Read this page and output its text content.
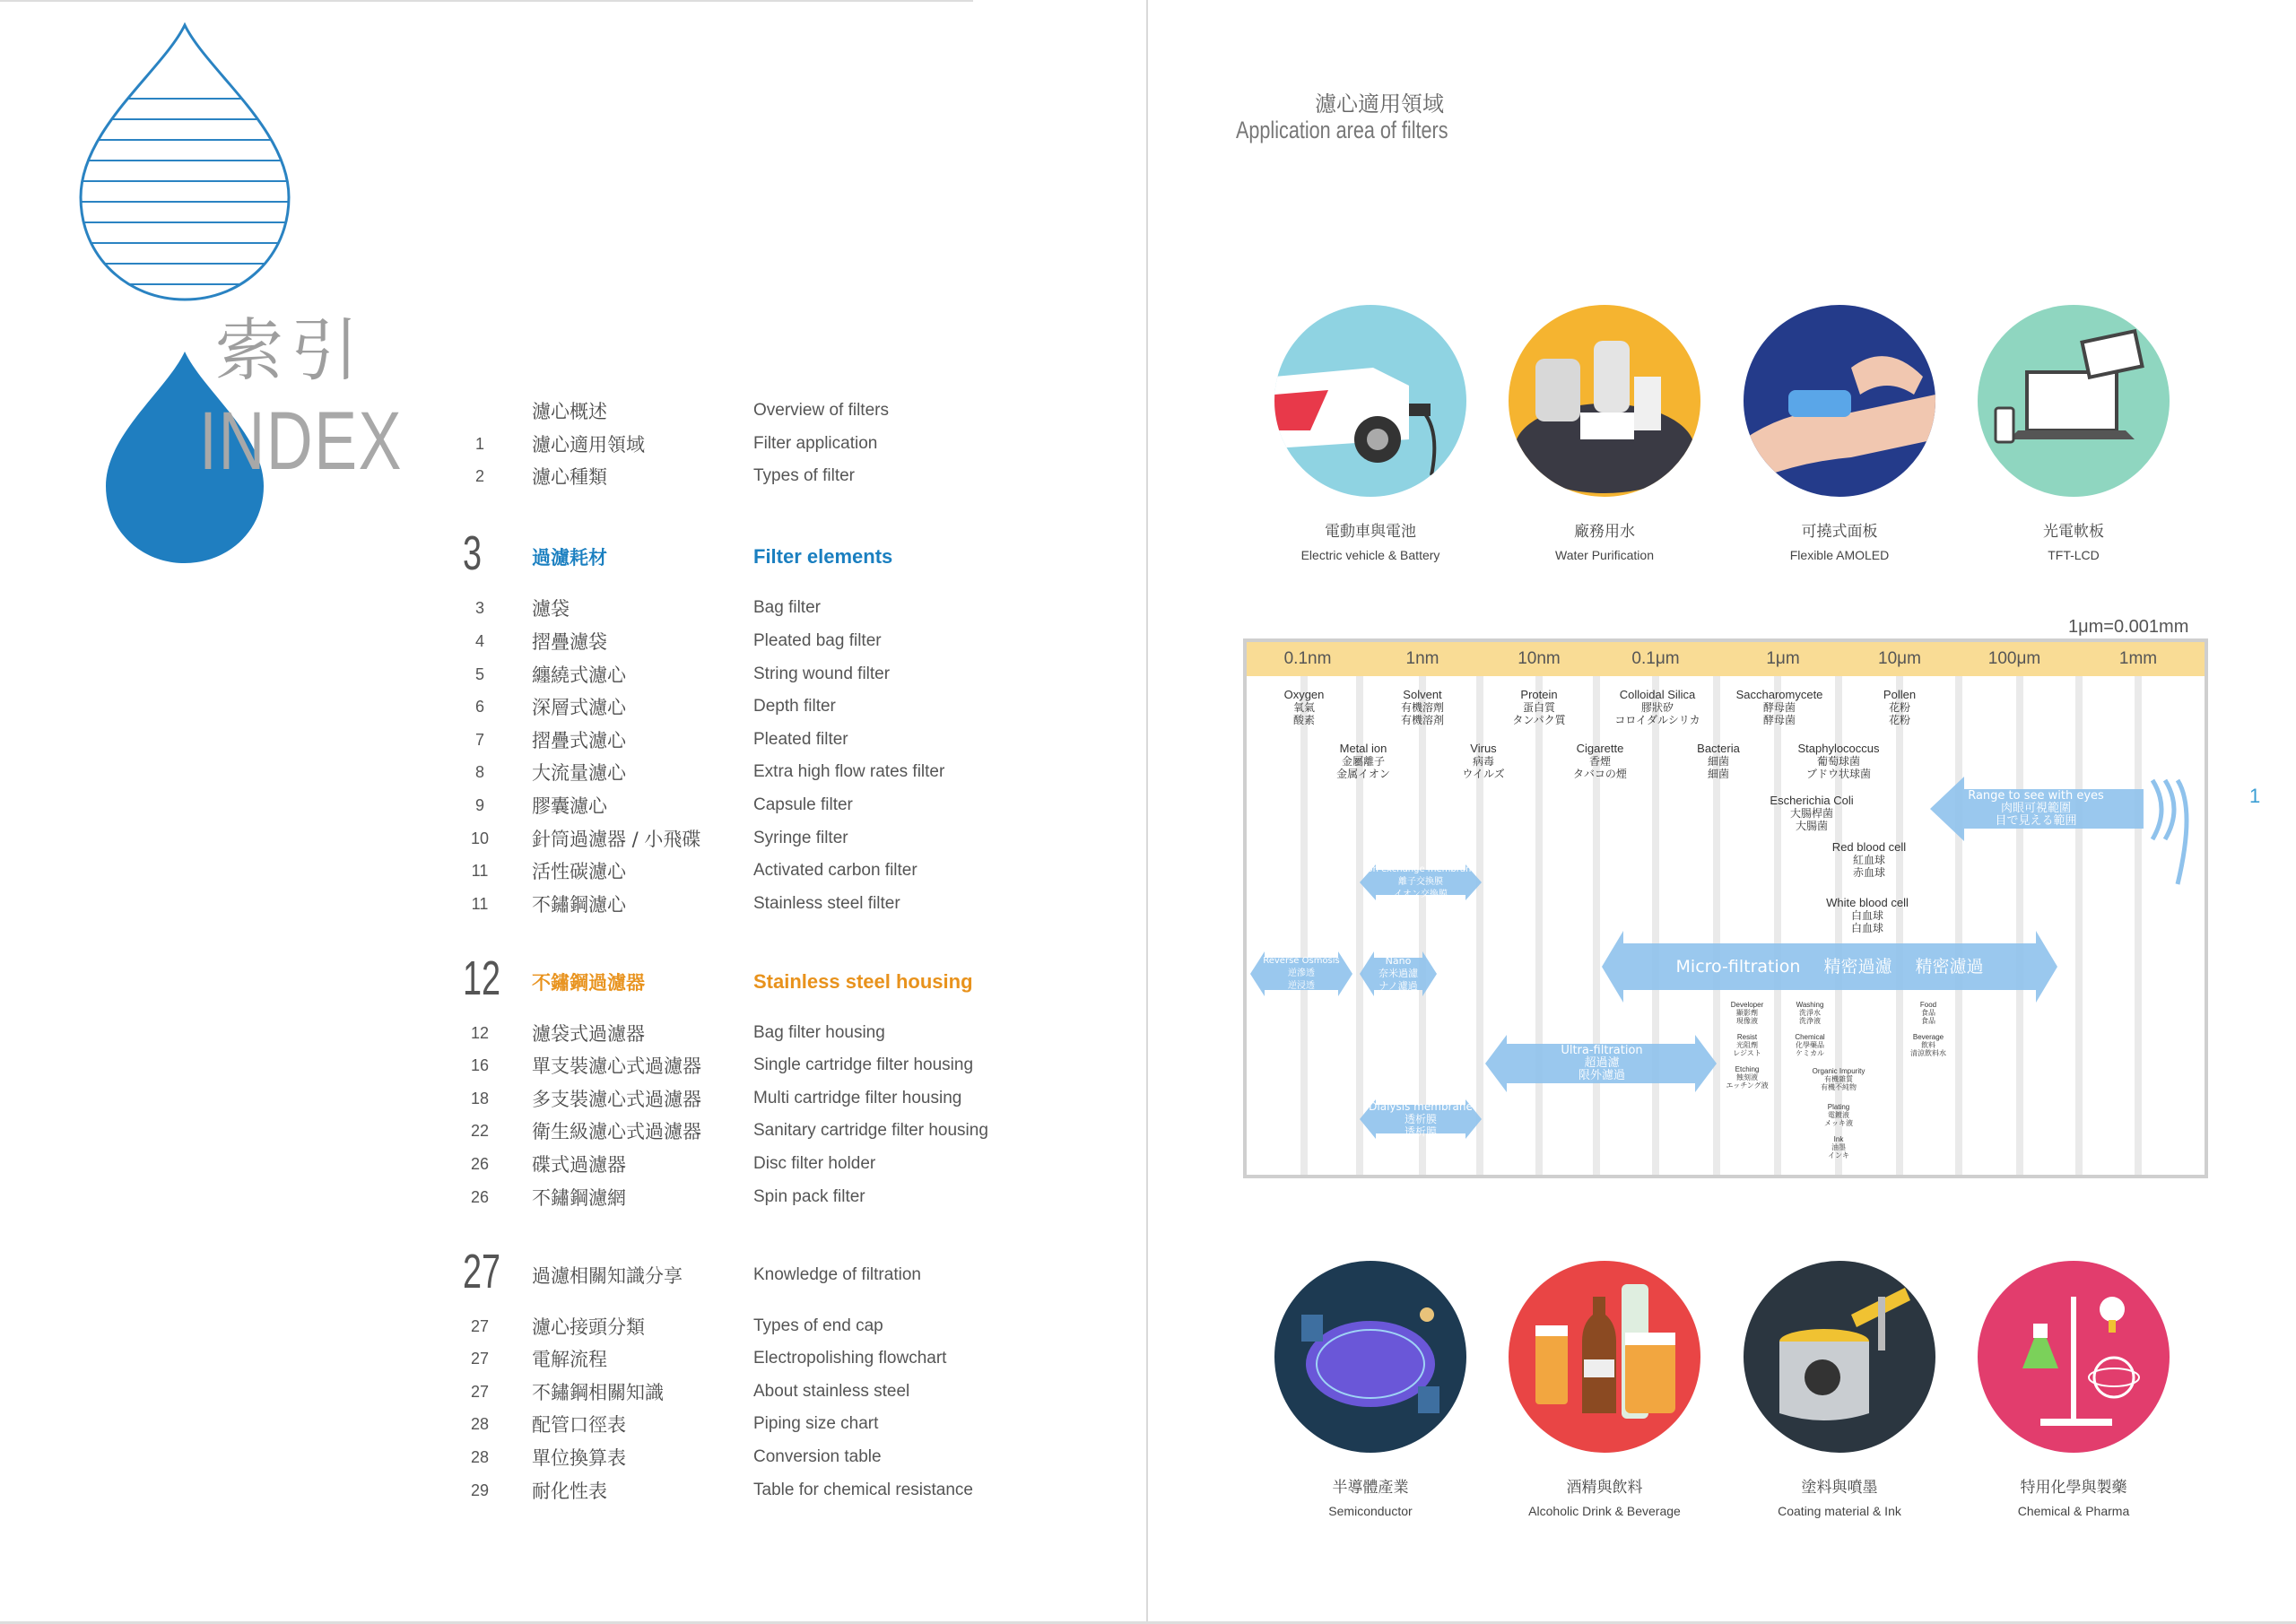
索引
INDEX	濾心概述	Overview of filters
1	濾心適用領域	Filter application
2	濾心種類	Types of filter
3	過濾耗材	Filter elements
3	濾袋	Bag filter
4	摺疊濾袋	Pleated bag filter
5	纏繞式濾心	String wound filter
6	深層式濾心	Depth filter
7	摺疊式濾心	Pleated filter
8	大流量濾心	Extra high flow rates filter
9	膠囊濾心	Capsule filter
10	針筒過濾器 / 小飛碟	Syringe filter
11	活性碳濾心	Activated carbon filter
11	不鏽鋼濾心	Stainless steel filter
12 不鏽鋼過濾器	Stainless steel housing
12	濾袋式過濾器	Bag filter housing
16	單支裝濾心式過濾器	Single cartridge filter housing
18	多支裝濾心式過濾器	Multi cartridge filter housing
22	衛生級濾心式過濾器	Sanitary cartridge filter housing
26	碟式過濾器	Disc filter holder
26	不鏽鋼濾網	Spin pack filter
27 過濾相關知識分享	Knowledge of filtration
27	濾心接頭分類	Types of end cap
27	電解流程	Electropolishing flowchart
27	不鏽鋼相關知識	About stainless steel
28	配管口徑表	Piping size chart
28	單位換算表	Conversion table
29	耐化性表	Table for chemical resistance
濾心適用領域
Application area of filters
1
電動車與電池
Electric vehicle & Battery
廠務用水
Water Purification
可撓式面板
Flexible AMOLED
光電軟板
TFT-LCD
1μm=0.001mm
0.1nm	1nm	10nm	0.1μm	1μm	10μm	100μm	1mm
Oxygen
氧氣
酸素
Solvent
有機溶劑
有機溶剤
Protein
蛋白質
タンパク質
Colloidal Silica
膠狀矽
コロイダルシリカ
Saccharomycete
酵母菌
酵母菌
Pollen
花粉
花粉
Metal ion
金屬離子
金属イオン
Virus
病毒
ウイルズ
Cigarette
香煙
タバコの煙
Bacteria
細菌
細菌
Staphylococcus
葡萄球菌
ブドウ状球菌
Escherichia Coli
大腸桿菌
大腸菌
Red blood cell
紅血球
赤血球
White blood cell
白血球
白血球
Range to see with eyes
肉眼可視範圍
目で見える範囲
Ion exchange membrane
離子交換膜
イオン交換膜
Reverse Osmosis
逆滲透
逆浸透
Nano
奈米過濾
ナノ濾過
Micro-filtration 精密過濾 精密濾過
Ultra-filtration
超過濾
限外濾過
Dialysis membrane
透析膜
透析膜
Developer
顯影劑
現像液
Resist
光阻劑
レジスト
Etching
蝕刻液
エッチング液
Washing
洗淨水
洗浄液
Chemical
化學藥品
ケミカル
Organic Impurity
有機雜質
有機不純物
Plating
電鍍液
メッキ液
Ink
油墨
インキ
Food
食品
食品
Beverage
飲料
清涼飲料水
半導體產業
Semiconductor
酒精與飲料
Alcoholic Drink & Beverage
塗料與噴墨
Coating material & Ink
特用化學與製藥
Chemical & Pharma
